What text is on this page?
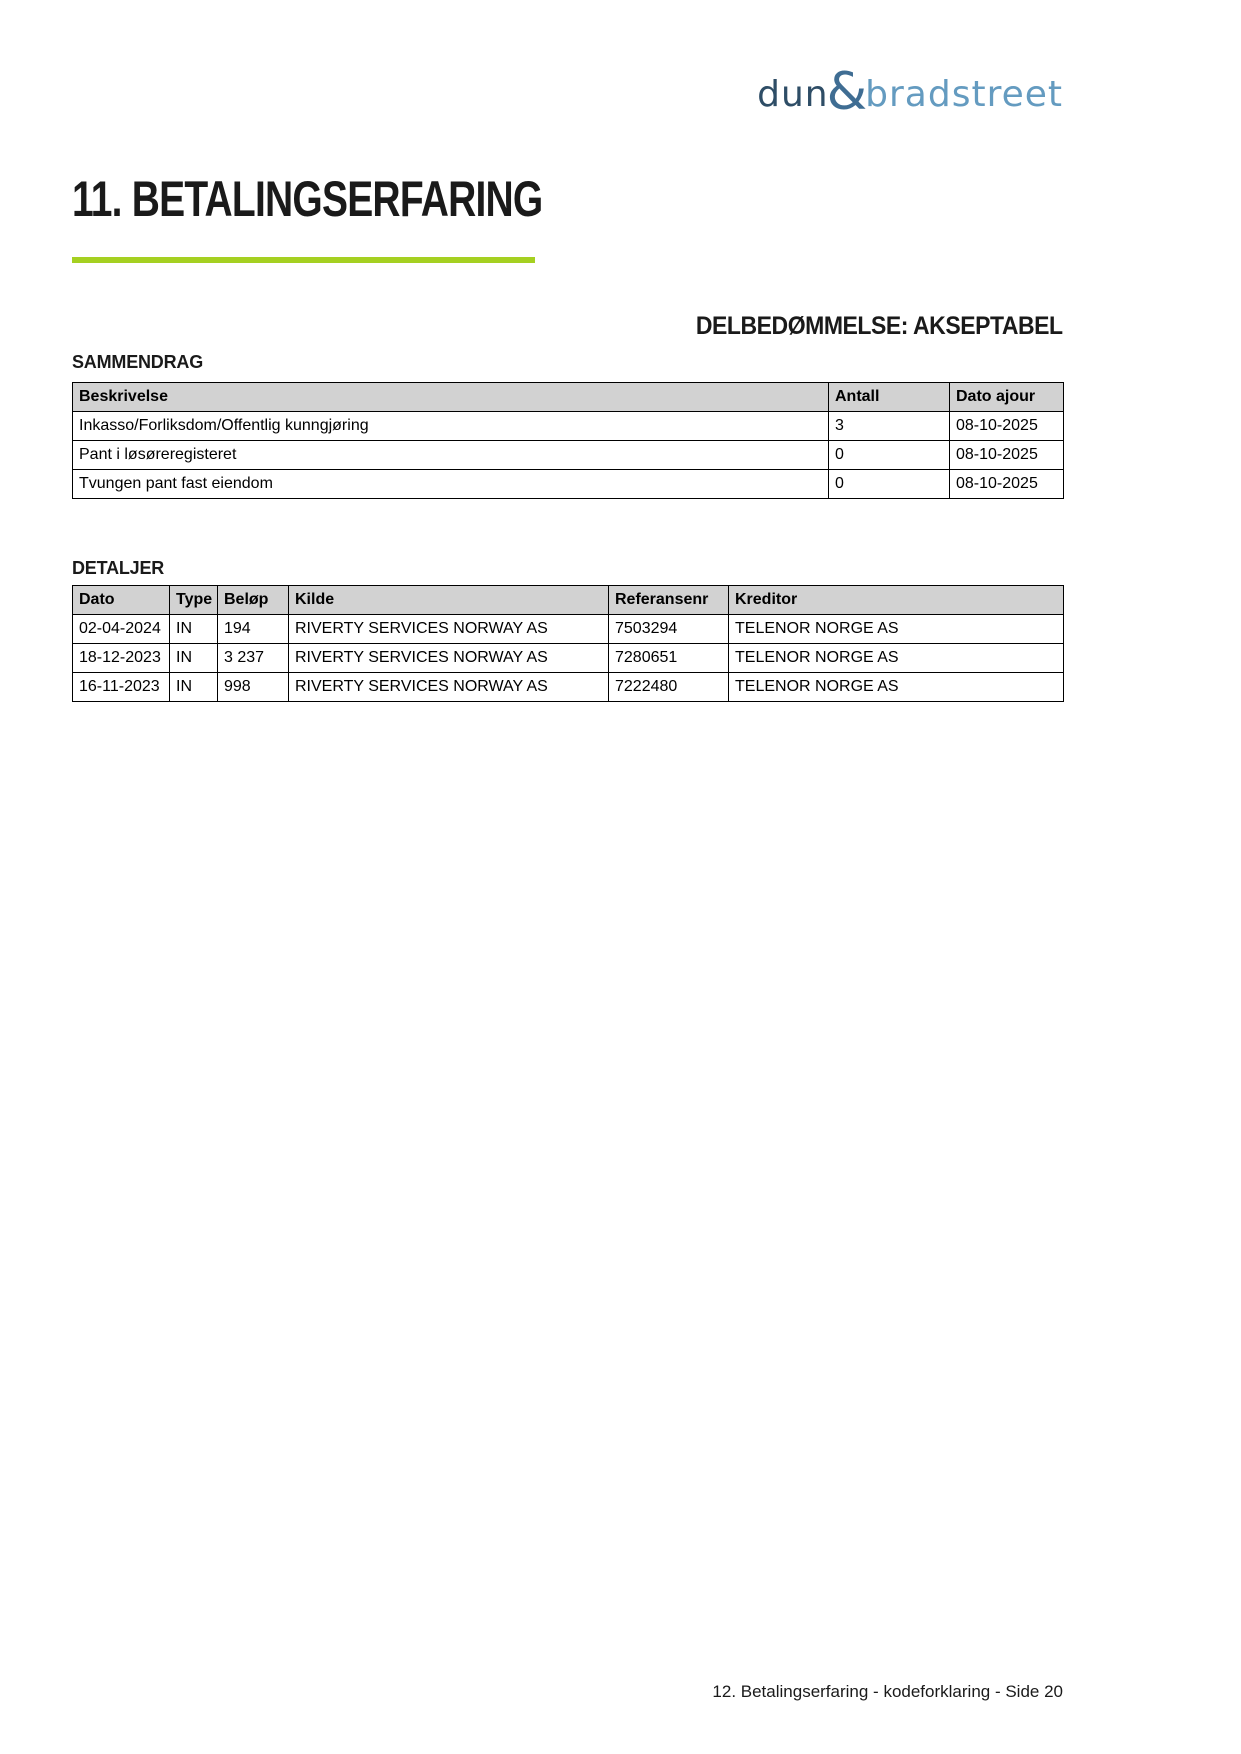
dun
&
bradstreet
11. BETALINGSERFARING
DELBEDØMMELSE: AKSEPTABEL
SAMMENDRAG
Beskrivelse	Antall	Dato ajour
Inkasso/Forliksdom/Offentlig kunngjøring	3	08-10-2025
Pant i løsøreregisteret	0	08-10-2025
Tvungen pant fast eiendom	0	08-10-2025
DETALJER
Dato	Type	Beløp	Kilde	Referansenr	Kreditor
02-04-2024	IN	194	RIVERTY SERVICES NORWAY AS	7503294	TELENOR NORGE AS
18-12-2023	IN	3 237	RIVERTY SERVICES NORWAY AS	7280651	TELENOR NORGE AS
16-11-2023	IN	998	RIVERTY SERVICES NORWAY AS	7222480	TELENOR NORGE AS
12. Betalingserfaring - kodeforklaring - Side 20
